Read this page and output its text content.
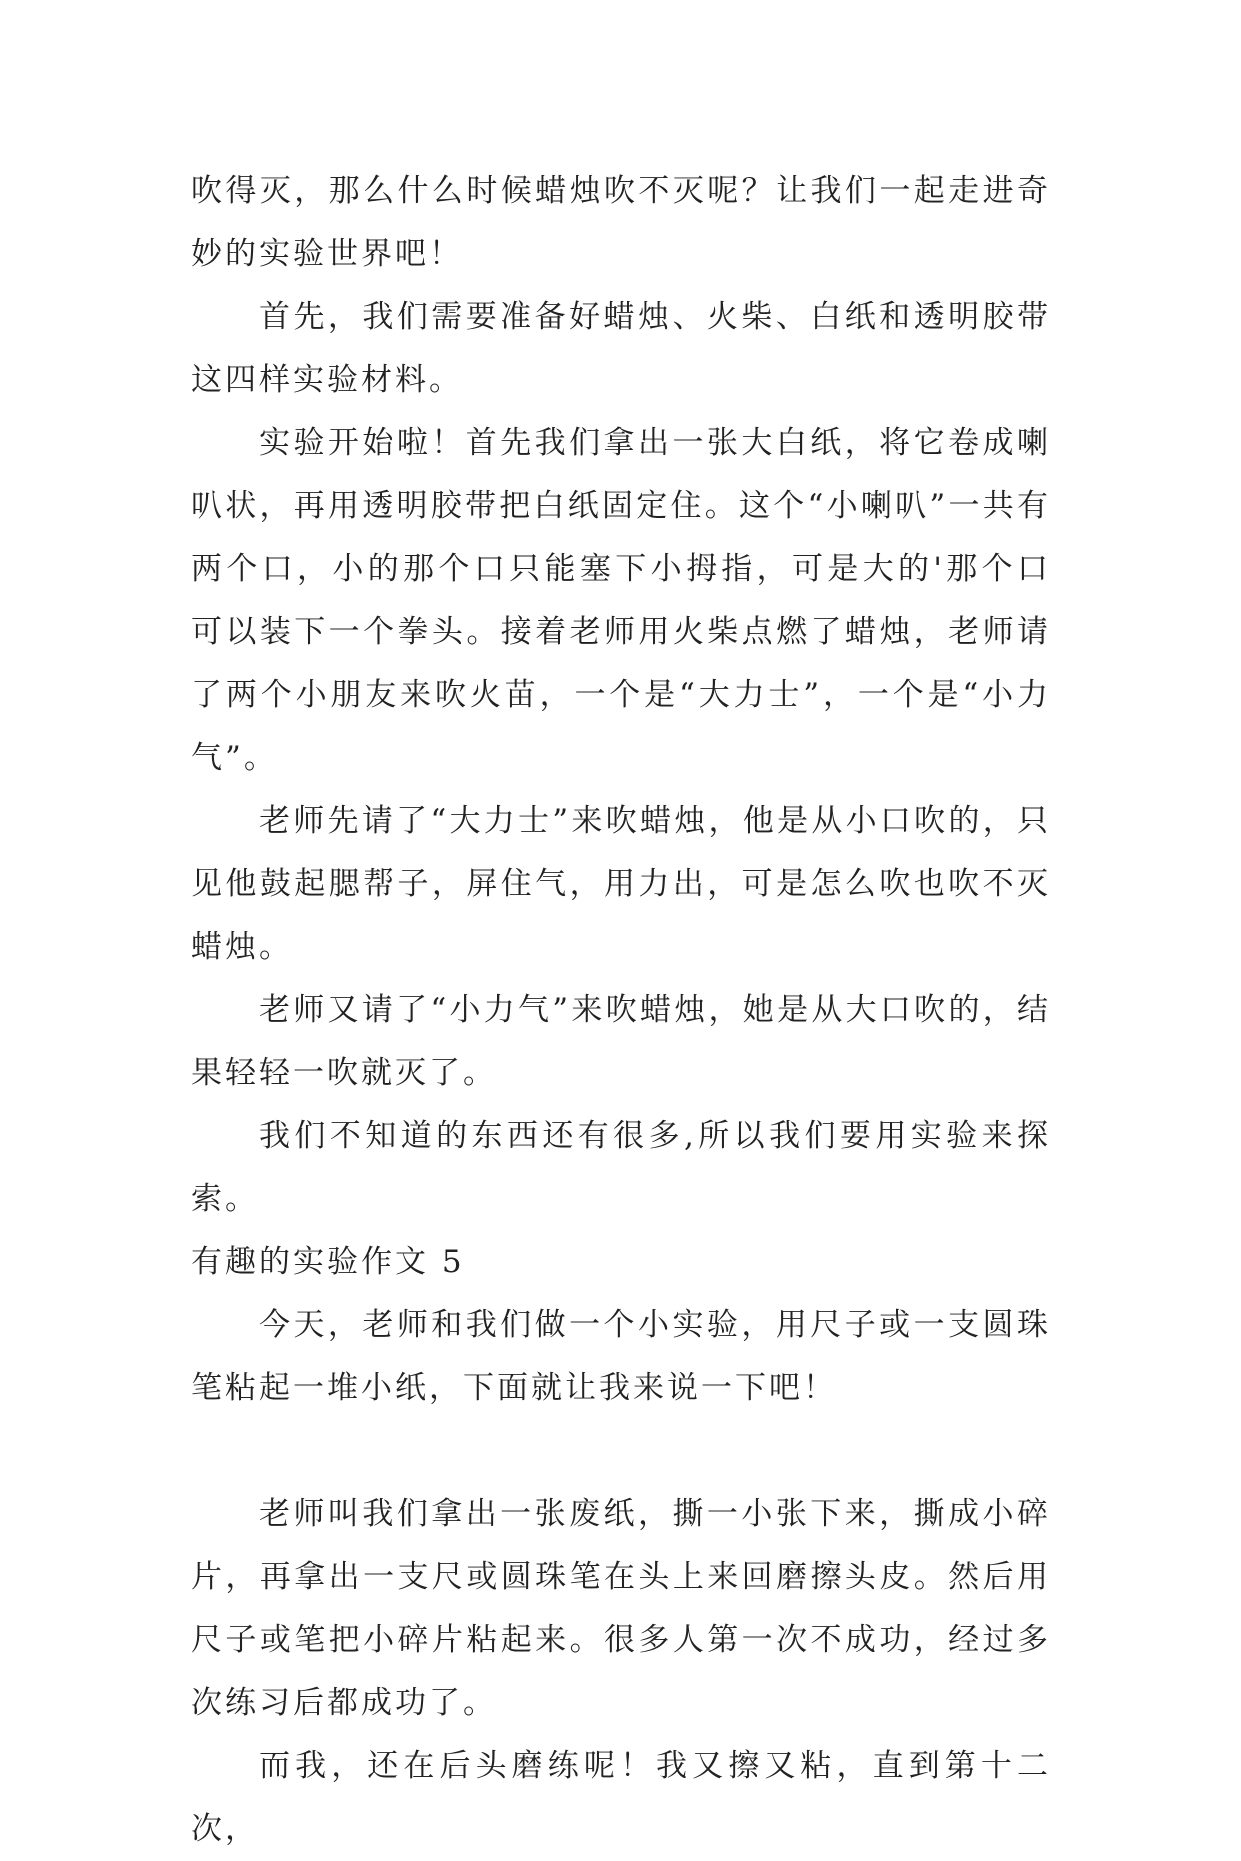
吹得灭，那么什么时候蜡烛吹不灭呢？让我们一起走进奇妙的实验世界吧！

首先，我们需要准备好蜡烛、火柴、白纸和透明胶带这四样实验材料。

实验开始啦！首先我们拿出一张大白纸，将它卷成喇叭状，再用透明胶带把白纸固定住。这个“小喇叭”一共有两个口，小的那个口只能塞下小拇指，可是大的'那个口可以装下一个拳头。接着老师用火柴点燃了蜡烛，老师请了两个小朋友来吹火苗，一个是“大力士”，一个是“小力气”。

老师先请了“大力士”来吹蜡烛，他是从小口吹的，只见他鼓起腮帮子，屏住气，用力出，可是怎么吹也吹不灭蜡烛。

老师又请了“小力气”来吹蜡烛，她是从大口吹的，结果轻轻一吹就灭了。

我们不知道的东西还有很多,所以我们要用实验来探索。

有趣的实验作文 5

今天，老师和我们做一个小实验，用尺子或一支圆珠笔粘起一堆小纸，下面就让我来说一下吧！

老师叫我们拿出一张废纸，撕一小张下来，撕成小碎片，再拿出一支尺或圆珠笔在头上来回磨擦头皮。然后用尺子或笔把小碎片粘起来。很多人第一次不成功，经过多次练习后都成功了。

而我，还在后头磨练呢！我又擦又粘，直到第十二次，
